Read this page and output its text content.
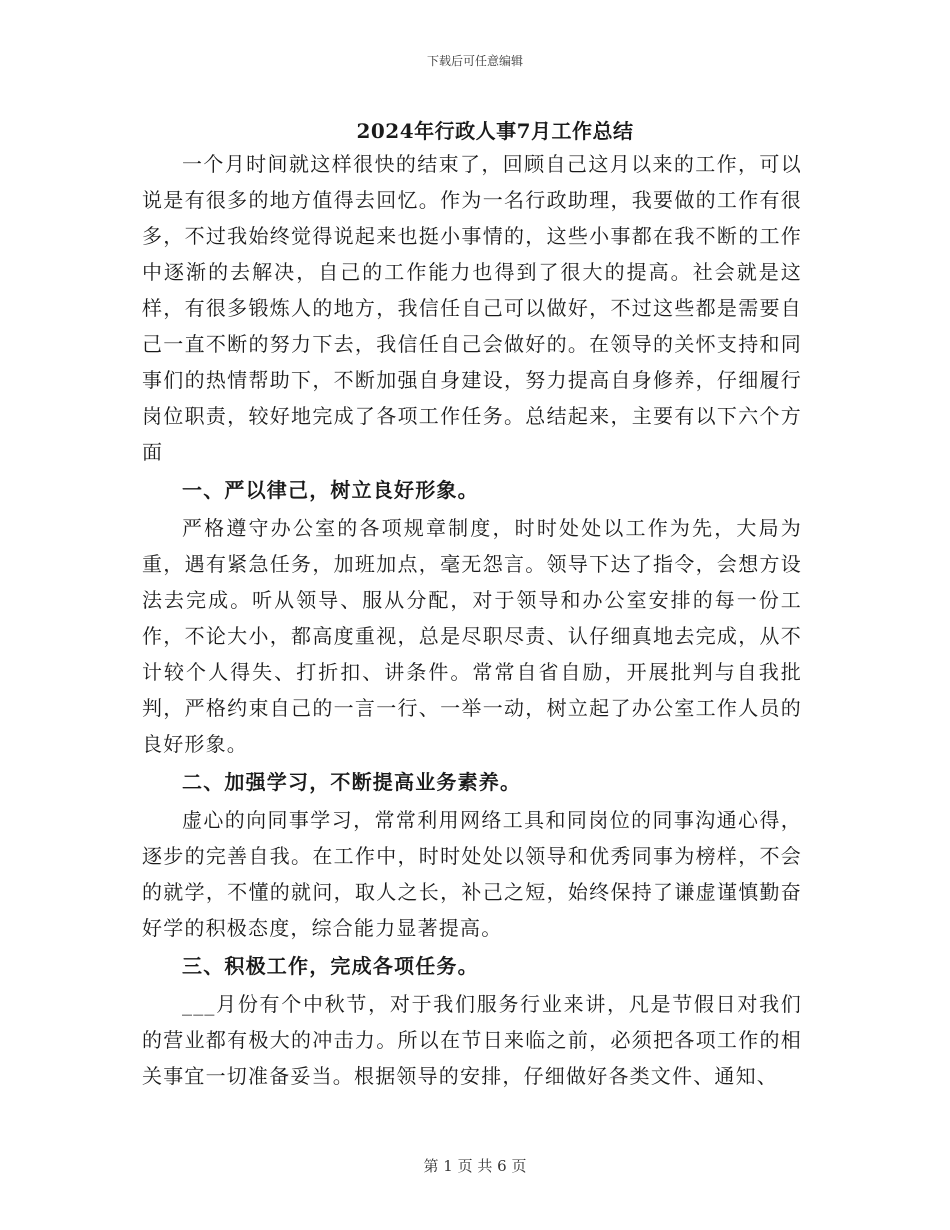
下载后可任意编辑
2024年行政人事7月工作总结

一个月时间就这样很快的结束了，回顾自己这月以来的工作，可以说是有很多的地方值得去回忆。作为一名行政助理，我要做的工作有很多，不过我始终觉得说起来也挺小事情的，这些小事都在我不断的工作中逐渐的去解决，自己的工作能力也得到了很大的提高。社会就是这样，有很多锻炼人的地方，我信任自己可以做好，不过这些都是需要自己一直不断的努力下去，我信任自己会做好的。在领导的关怀支持和同事们的热情帮助下，不断加强自身建设，努力提高自身修养，仔细履行岗位职责，较好地完成了各项工作任务。总结起来，主要有以下六个方面

一、严以律己，树立良好形象。

严格遵守办公室的各项规章制度，时时处处以工作为先，大局为重，遇有紧急任务，加班加点，毫无怨言。领导下达了指令，会想方设法去完成。听从领导、服从分配，对于领导和办公室安排的每一份工作，不论大小，都高度重视，总是尽职尽责、认仔细真地去完成，从不计较个人得失、打折扣、讲条件。常常自省自励，开展批判与自我批判，严格约束自己的一言一行、一举一动，树立起了办公室工作人员的良好形象。

二、加强学习，不断提高业务素养。

虚心的向同事学习，常常利用网络工具和同岗位的同事沟通心得，逐步的完善自我。在工作中，时时处处以领导和优秀同事为榜样，不会的就学，不懂的就问，取人之长，补己之短，始终保持了谦虚谨慎勤奋好学的积极态度，综合能力显著提高。

三、积极工作，完成各项任务。

___月份有个中秋节，对于我们服务行业来讲，凡是节假日对我们的营业都有极大的冲击力。所以在节日来临之前，必须把各项工作的相关事宜一切准备妥当。根据领导的安排，仔细做好各类文件、通知、

第 1 页 共 6 页
